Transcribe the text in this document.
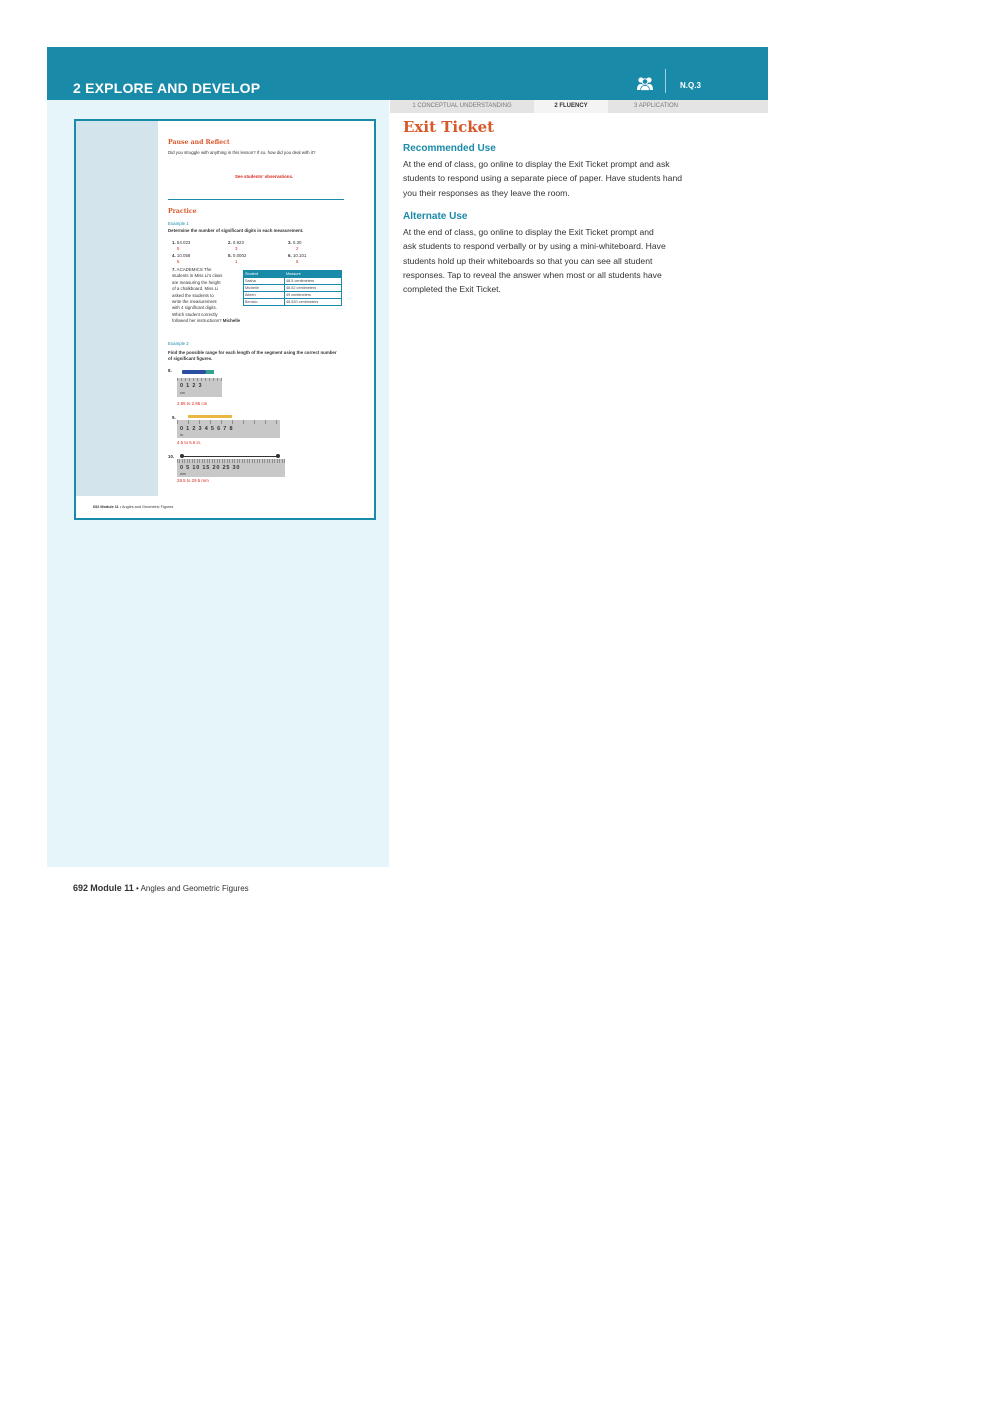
2 EXPLORE AND DEVELOP	N.Q.3
1 CONCEPTUAL UNDERSTANDING	2 FLUENCY	3 APPLICATION
Pause and Reflect
Did you struggle with anything in this lesson? If so, how did you deal with it?
See students' observations.
Practice
Example 1
Determine the number of significant digits in each measurement.
1. 54.023
5
2. 0.923
3
3. 0.30
2
4. 10.058
5
5. 0.0002
1
6. 10.101
5
7. ACADEMICS The
students in Miss Li's class
are measuring the height
of a chalkboard. Miss Li
asked the students to
write the measurement
with 4 significant digits.
Which student correctly
followed her instructions? Michelle
Student	Measure
Sasha	48.5 centimeters
Michelle	48.52 centimeters
Aileen	49 centimeters
Benicio	48.520 centimeters
Example 2
Find the possible range for each length of the segment using the correct number of significant figures.
8.
0 1 2 3
cm
2.85 to 2.95 cm
9.
0 1 2 3 4 5 6 7 8
in.
4.5 to 5.5 in.
10.
0 5 10 15 20 25 30
mm
28.5 to 29.5 mm
692 Module 11 • Angles and Geometric Figures
Exit Ticket
Recommended Use
At the end of class, go online to display the Exit Ticket prompt and ask
students to respond using a separate piece of paper. Have students hand
you their responses as they leave the room.
Alternate Use
At the end of class, go online to display the Exit Ticket prompt and
ask students to respond verbally or by using a mini-whiteboard. Have
students hold up their whiteboards so that you can see all student
responses. Tap to reveal the answer when most or all students have
completed the Exit Ticket.
692 Module 11 • Angles and Geometric Figures
